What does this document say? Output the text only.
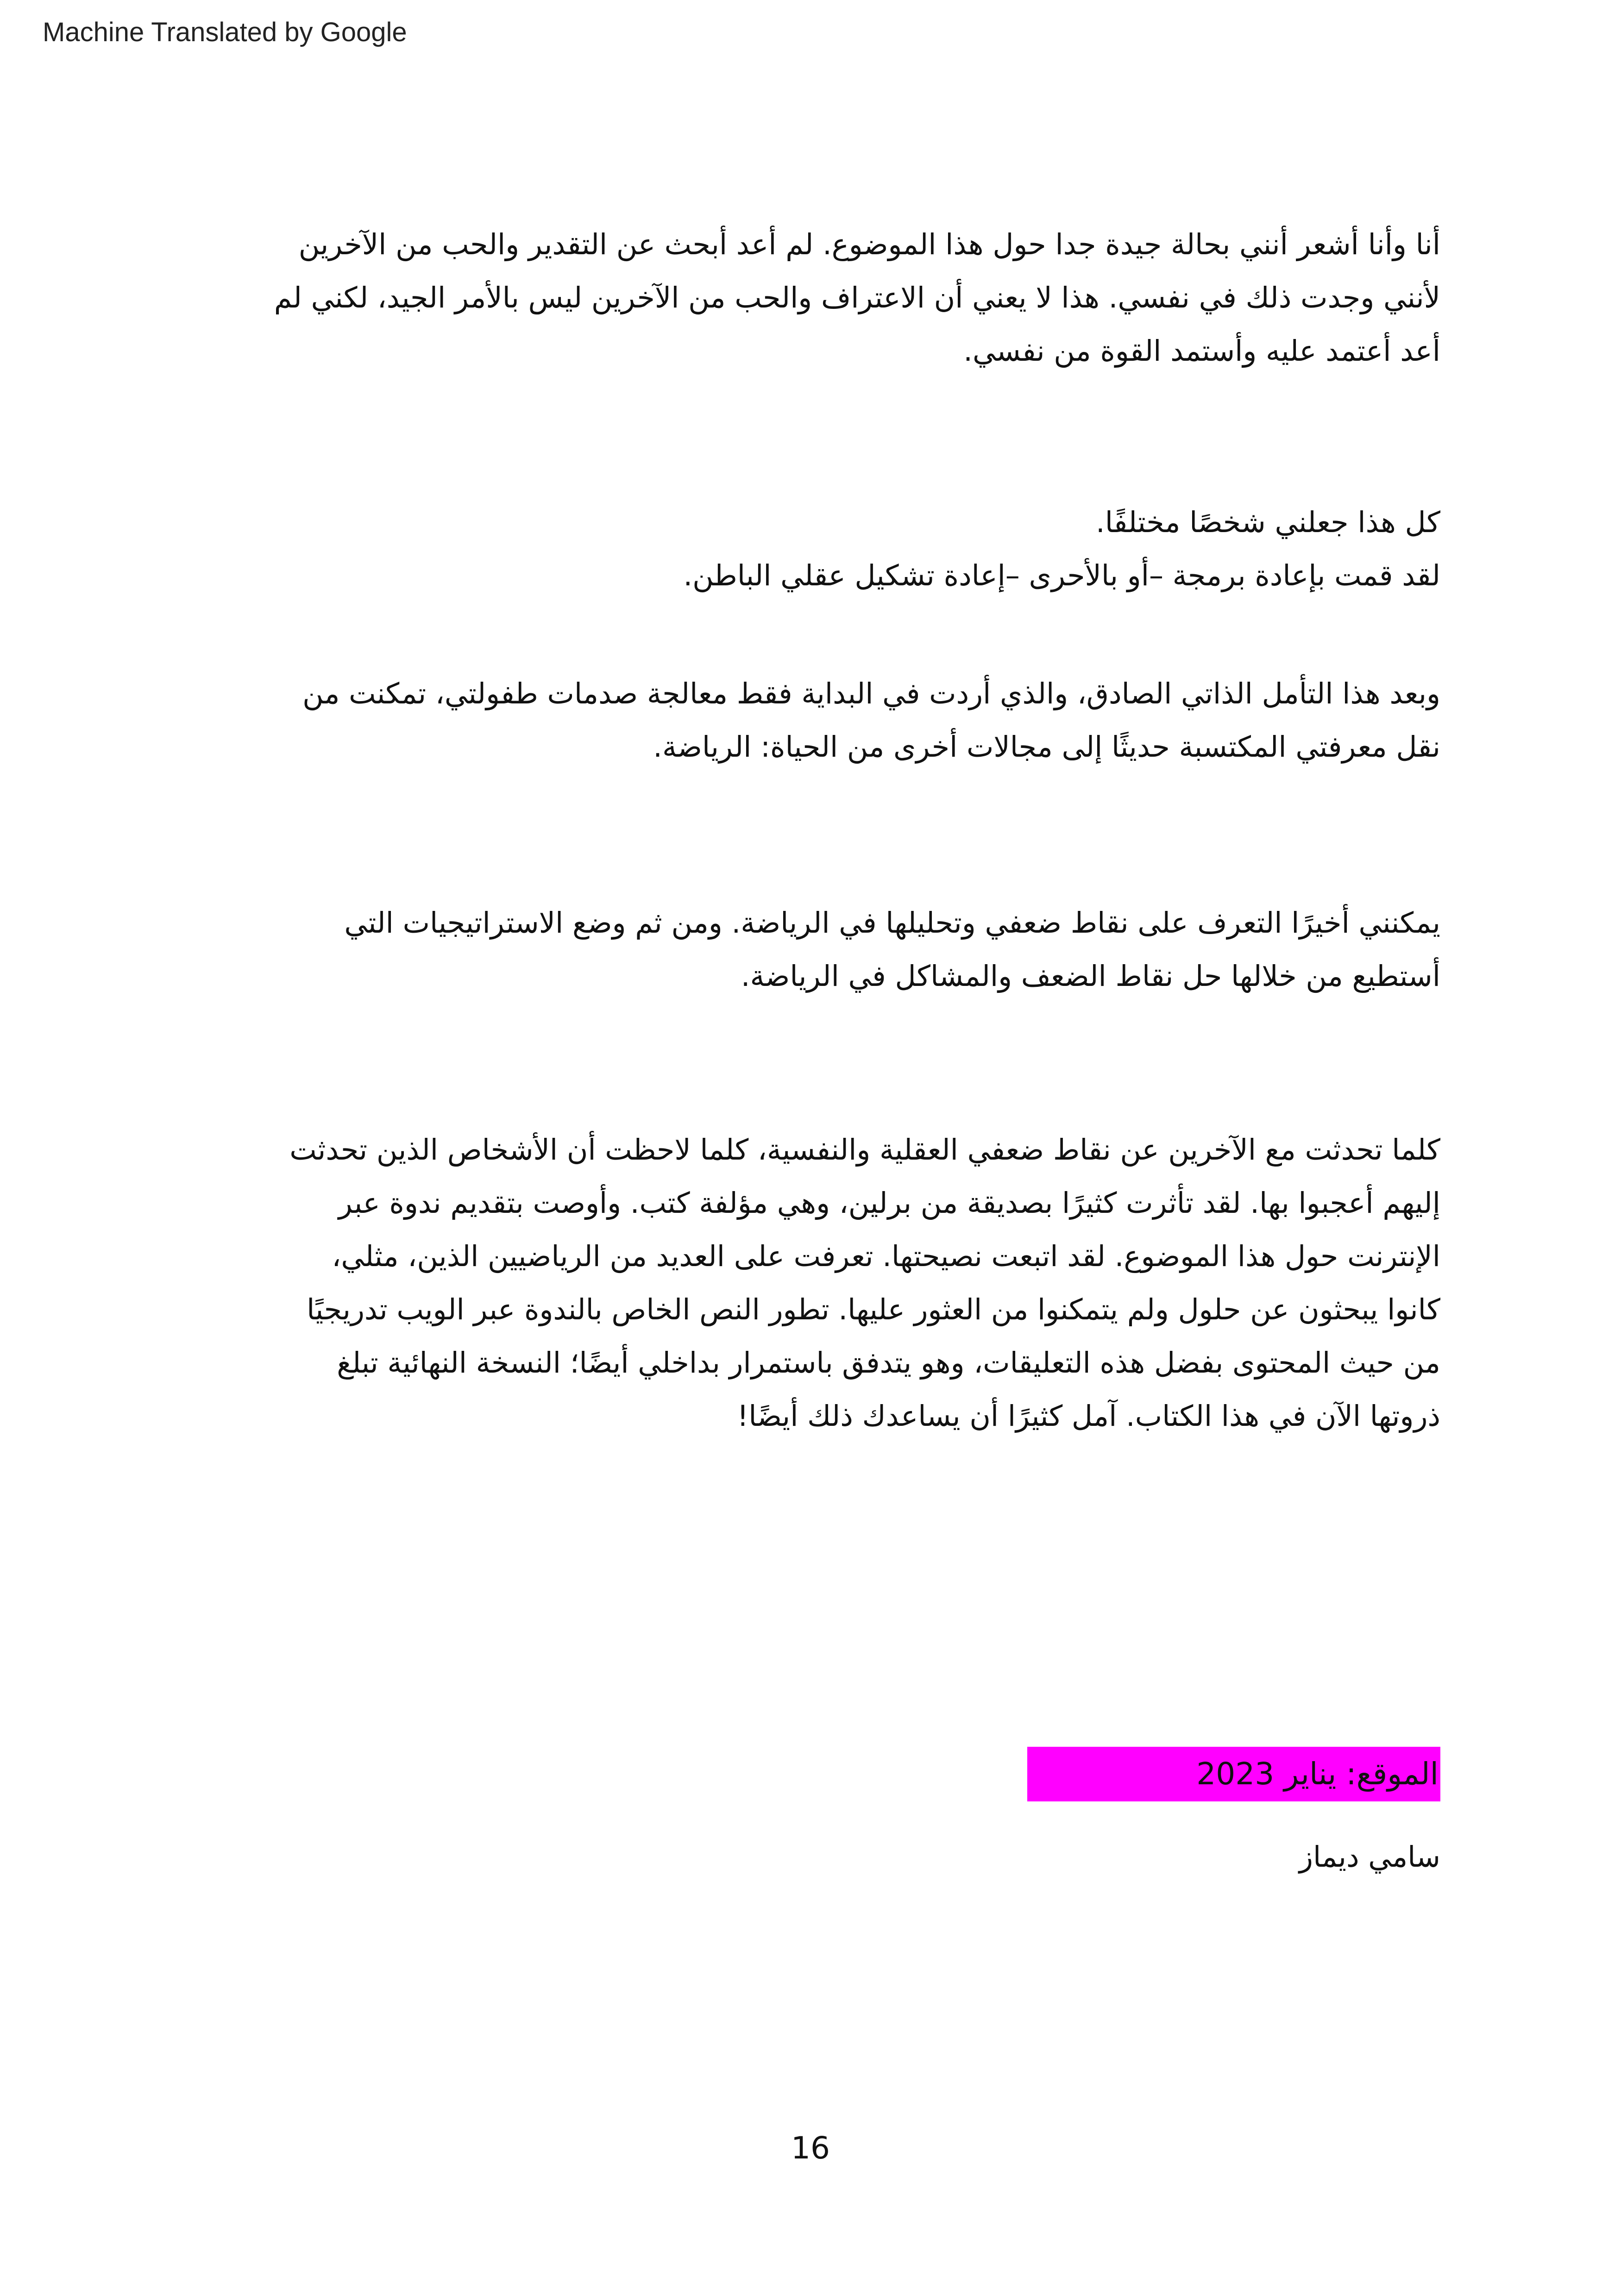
Machine Translated by Google
أنا وأنا أشعر أنني بحالة جيدة جدا حول هذا الموضوع. لم أعد أبحث عن التقدير والحب من الآخرين
لأنني وجدت ذلك في نفسي. هذا لا يعني أن الاعتراف والحب من الآخرين ليس بالأمر الجيد، لكني لم
أعد أعتمد عليه وأستمد القوة من نفسي.
كل هذا جعلني شخصًا مختلفًا.
لقد قمت بإعادة برمجة –أو بالأحرى –إعادة تشكيل عقلي الباطن.
وبعد هذا التأمل الذاتي الصادق، والذي أردت في البداية فقط معالجة صدمات طفولتي، تمكنت من
نقل معرفتي المكتسبة حديثًا إلى مجالات أخرى من الحياة: الرياضة.
يمكنني أخيرًا التعرف على نقاط ضعفي وتحليلها في الرياضة. ومن ثم وضع الاستراتيجيات التي
أستطيع من خلالها حل نقاط الضعف والمشاكل في الرياضة.
كلما تحدثت مع الآخرين عن نقاط ضعفي العقلية والنفسية، كلما لاحظت أن الأشخاص الذين تحدثت
إليهم أعجبوا بها. لقد تأثرت كثيرًا بصديقة من برلين، وهي مؤلفة كتب. وأوصت بتقديم ندوة عبر
الإنترنت حول هذا الموضوع. لقد اتبعت نصيحتها. تعرفت على العديد من الرياضيين الذين، مثلي،
كانوا يبحثون عن حلول ولم يتمكنوا من العثور عليها. تطور النص الخاص بالندوة عبر الويب تدريجيًا
من حيث المحتوى بفضل هذه التعليقات، وهو يتدفق باستمرار بداخلي أيضًا؛ النسخة النهائية تبلغ
ذروتها الآن في هذا الكتاب. آمل كثيرًا أن يساعدك ذلك أيضًا!
الموقع: يناير 2023
سامي ديماز
16
